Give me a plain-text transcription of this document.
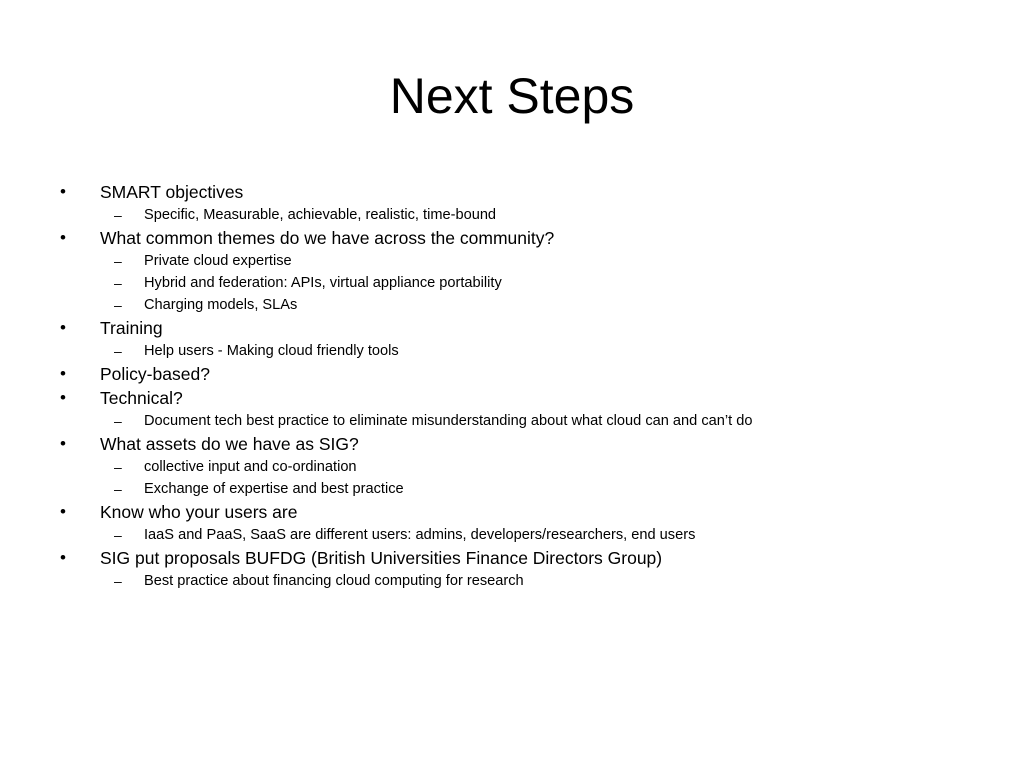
Next Steps
• SMART objectives
– Specific, Measurable, achievable, realistic, time-bound
• What common themes do we have across the community?
– Private cloud expertise
– Hybrid and federation: APIs, virtual appliance portability
– Charging models, SLAs
• Training
– Help users - Making cloud friendly tools
• Policy-based?
• Technical?
– Document tech best practice to eliminate misunderstanding about what cloud can and can’t do
• What assets do we have as SIG?
– collective input and co-ordination
– Exchange of expertise and best practice
• Know who your users are
– IaaS and PaaS, SaaS are different users: admins, developers/researchers, end users
• SIG put proposals BUFDG (British Universities Finance Directors Group)
– Best practice about financing cloud computing for research
